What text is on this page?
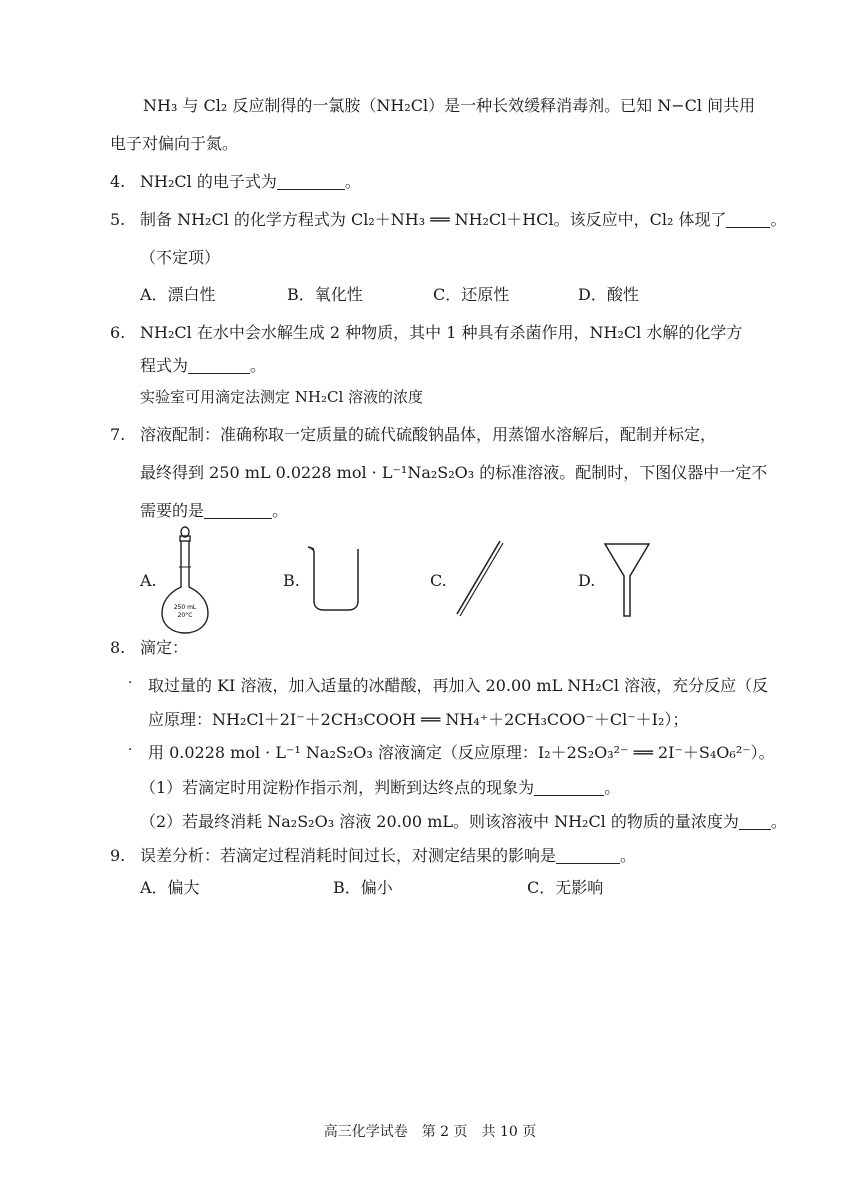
NH₃ 与 Cl₂ 反应制得的一氯胺（NH₂Cl）是一种长效缓释消毒剂。已知 N−Cl 间共用
电子对偏向于氮。
4. NH₂Cl 的电子式为	。
5. 制备 NH₂Cl 的化学方程式为 Cl₂＋NH₃ ══ NH₂Cl＋HCl。该反应中，Cl₂ 体现了	。
（不定项）
A．漂白性	B．氧化性	C．还原性	D．酸性
6. NH₂Cl 在水中会水解生成 2 种物质，其中 1 种具有杀菌作用，NH₂Cl 水解的化学方
程式为	。
实验室可用滴定法测定 NH₂Cl 溶液的浓度
7. 溶液配制：准确称取一定质量的硫代硫酸钠晶体，用蒸馏水溶解后，配制并标定，
最终得到 250 mL 0.0228 mol · L⁻¹Na₂S₂O₃ 的标准溶液。配制时，下图仪器中一定不
需要的是	。
A.
250 mL
20°C
B.	C.	D.
8. 滴定：
· 取过量的 KI 溶液，加入适量的冰醋酸，再加入 20.00 mL NH₂Cl 溶液，充分反应（反
应原理：NH₂Cl＋2I⁻＋2CH₃COOH ══ NH₄⁺＋2CH₃COO⁻＋Cl⁻＋I₂）；
· 用 0.0228 mol · L⁻¹ Na₂S₂O₃ 溶液滴定（反应原理：I₂＋2S₂O₃²⁻ ══ 2I⁻＋S₄O₆²⁻）。
（1）若滴定时用淀粉作指示剂，判断到达终点的现象为	。
（2）若最终消耗 Na₂S₂O₃ 溶液 20.00 mL。则该溶液中 NH₂Cl 的物质的量浓度为 。
9. 误差分析：若滴定过程消耗时间过长，对测定结果的影响是	。
A．偏大	B．偏小	C．无影响
高三化学试卷　第 2 页　共 10 页
